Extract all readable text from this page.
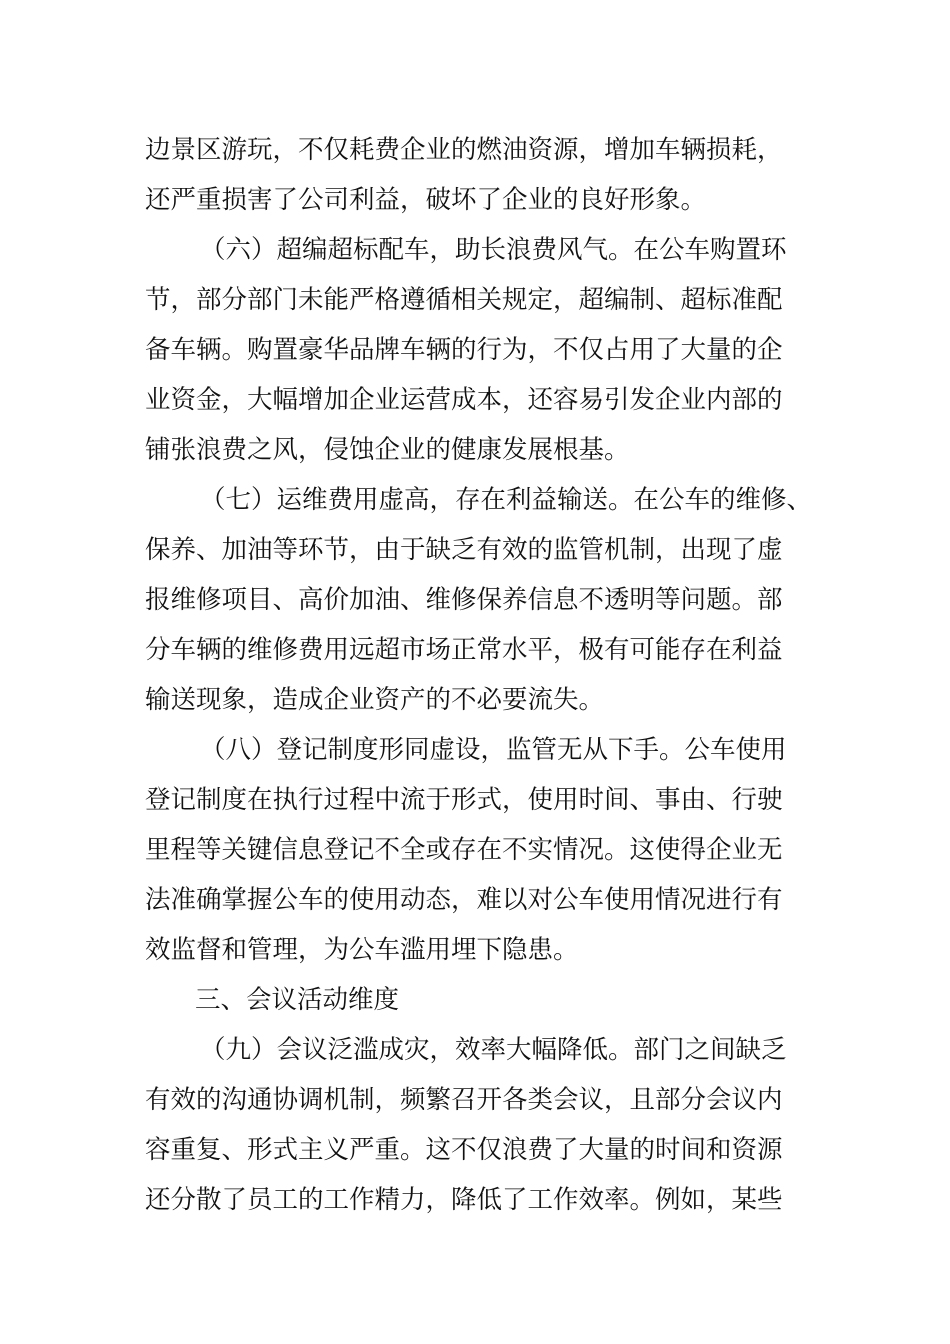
边景区游玩，不仅耗费企业的燃油资源，增加车辆损耗，

还严重损害了公司利益，破坏了企业的良好形象。

（六）超编超标配车，助长浪费风气。在公车购置环

节，部分部门未能严格遵循相关规定，超编制、超标准配

备车辆。购置豪华品牌车辆的行为，不仅占用了大量的企

业资金，大幅增加企业运营成本，还容易引发企业内部的

铺张浪费之风，侵蚀企业的健康发展根基。

（七）运维费用虚高，存在利益输送。在公车的维修、

保养、加油等环节，由于缺乏有效的监管机制，出现了虚

报维修项目、高价加油、维修保养信息不透明等问题。部

分车辆的维修费用远超市场正常水平，极有可能存在利益

输送现象，造成企业资产的不必要流失。

（八）登记制度形同虚设，监管无从下手。公车使用

登记制度在执行过程中流于形式，使用时间、事由、行驶

里程等关键信息登记不全或存在不实情况。这使得企业无

法准确掌握公车的使用动态，难以对公车使用情况进行有

效监督和管理，为公车滥用埋下隐患。

三、会议活动维度

（九）会议泛滥成灾，效率大幅降低。部门之间缺乏

有效的沟通协调机制，频繁召开各类会议，且部分会议内

容重复、形式主义严重。这不仅浪费了大量的时间和资源

还分散了员工的工作精力，降低了工作效率。例如，某些
